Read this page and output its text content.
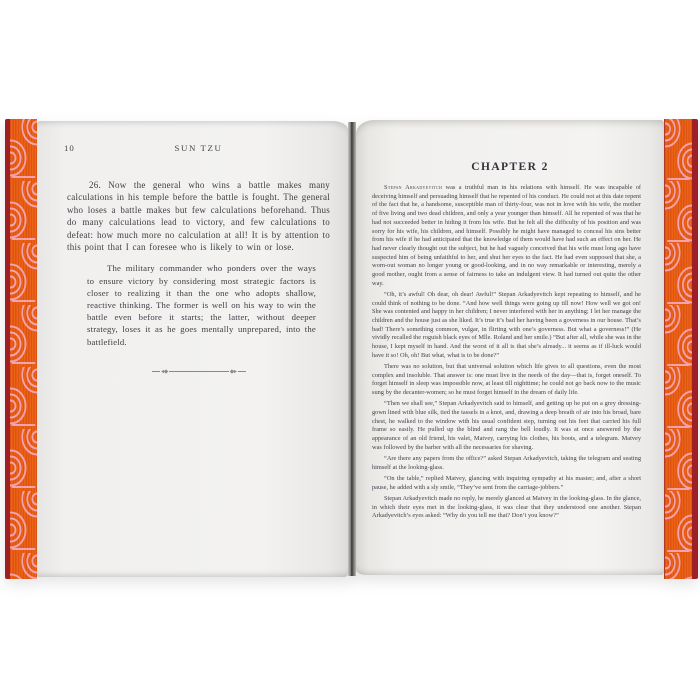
10	SUN TZU

26. Now the general who wins a battle makes many calculations in his temple before the battle is fought. The general who loses a battle makes but few calculations beforehand. Thus do many calculations lead to victory, and few calculations to defeat: how much more no calculation at all! It is by attention to this point that I can foresee who is likely to win or lose.

The military commander who ponders over the ways to ensure victory by considering most strategic factors is closer to realizing it than the one who adopts shallow, reactive thinking. The former is well on his way to win the battle even before it starts; the latter, without deeper strategy, loses it as he goes mentally unprepared, into the battlefield.

CHAPTER 2

Stepan Arkadyevitch was a truthful man in his relations with himself. He was incapable of deceiving himself and persuading himself that he repented of his conduct. He could not at this date repent of the fact that he, a handsome, susceptible man of thirty-four, was not in love with his wife, the mother of five living and two dead children, and only a year younger than himself. All he repented of was that he had not succeeded better in hiding it from his wife. But he felt all the difficulty of his position and was sorry for his wife, his children, and himself. Possibly he might have managed to conceal his sins better from his wife if he had anticipated that the knowledge of them would have had such an effect on her. He had never clearly thought out the subject, but he had vaguely conceived that his wife must long ago have suspected him of being unfaithful to her, and shut her eyes to the fact. He had even supposed that she, a worn-out woman no longer young or good-looking, and in no way remarkable or interesting, merely a good mother, ought from a sense of fairness to take an indulgent view. It had turned out quite the other way.

“Oh, it’s awful! Oh dear, oh dear! Awful!” Stepan Arkadyevitch kept repeating to himself, and he could think of nothing to be done. “And how well things were going up till now! How well we got on! She was contented and happy in her children; I never interfered with her in anything; I let her manage the children and the house just as she liked. It’s true it’s bad her having been a governess in our house. That’s bad! There’s something common, vulgar, in flirting with one’s governess. But what a governess!” (He vividly recalled the roguish black eyes of Mlle. Roland and her smile.) “But after all, while she was in the house, I kept myself in hand. And the worst of it all is that she’s already... it seems as if ill-luck would have it so! Oh, oh! But what, what is to be done?”

There was no solution, but that universal solution which life gives to all questions, even the most complex and insoluble. That answer is: one must live in the needs of the day—that is, forget oneself. To forget himself in sleep was impossible now, at least till nighttime; he could not go back now to the music sung by the decanter-women; so he must forget himself in the dream of daily life.

“Then we shall see,” Stepan Arkadyevitch said to himself, and getting up he put on a grey dressing-gown lined with blue silk, tied the tassels in a knot, and, drawing a deep breath of air into his broad, bare chest, he walked to the window with his usual confident step, turning out his feet that carried his full frame so easily. He pulled up the blind and rang the bell loudly. It was at once answered by the appearance of an old friend, his valet, Matvey, carrying his clothes, his boots, and a telegram. Matvey was followed by the barber with all the necessaries for shaving.

“Are there any papers from the office?” asked Stepan Arkadyevitch, taking the telegram and seating himself at the looking-glass.

“On the table,” replied Matvey, glancing with inquiring sympathy at his master; and, after a short pause, he added with a sly smile, “They’ve sent from the carriage-jobbers.”

Stepan Arkadyevitch made no reply, he merely glanced at Matvey in the looking-glass. In the glance, in which their eyes met in the looking-glass, it was clear that they understood one another. Stepan Arkadyevitch’s eyes asked: “Why do you tell me that? Don’t you know?”
